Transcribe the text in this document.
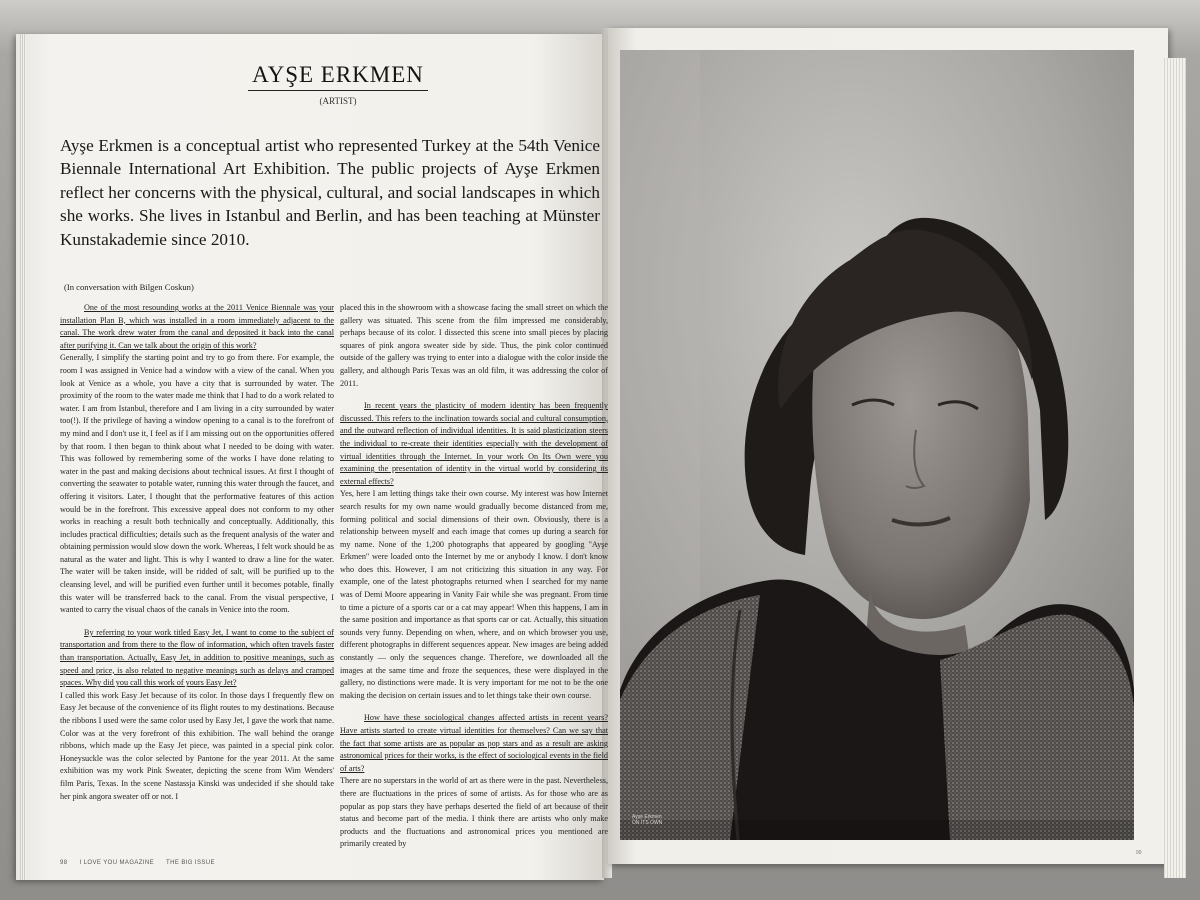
AYŞE ERKMEN
(ARTIST)
Ayşe Erkmen is a conceptual artist who represented Turkey at the 54th Venice Biennale International Art Exhibition. The public projects of Ayşe Erkmen reflect her concerns with the physical, cultural, and social landscapes in which she works. She lives in Istanbul and Berlin, and has been teaching at Münster Kunstakademie since 2010.
(In conversation with Bilgen Coskun)

One of the most resounding works at the 2011 Venice Biennale was your installation Plan B, which was installed in a room immediately adjacent to the canal. The work drew water from the canal and deposited it back into the canal after purifying it. Can we talk about the origin of this work?

Generally, I simplify the starting point and try to go from there. For example, the room I was assigned in Venice had a window with a view of the canal. When you look at Venice as a whole, you have a city that is surrounded by water. The proximity of the room to the water made me think that I had to do a work related to water. I am from Istanbul, therefore and I am living in a city surrounded by water too(!). If the privilege of having a window opening to a canal is to the forefront of my mind and I don't use it, I feel as if I am missing out on the opportunities offered by that room. I then began to think about what I needed to be doing with water. This was followed by remembering some of the works I have done relating to water in the past and making decisions about technical issues. At first I thought of converting the seawater to potable water, running this water through the faucet, and offering it visitors. Later, I thought that the performative features of this action would be in the forefront. This excessive appeal does not conform to my other works in reaching a result both technically and conceptually. Additionally, this includes practical difficulties; details such as the frequent analysis of the water and obtaining permission would slow down the work. Whereas, I felt work should be as natural as the water and light. This is why I wanted to draw a line for the water. The water will be taken inside, will be ridded of salt, will be purified up to the cleansing level, and will be purified even further until it becomes potable, finally this water will be transferred back to the canal. From the visual perspective, I wanted to carry the visual chaos of the canals in Venice into the room.

By referring to your work titled Easy Jet, I want to come to the subject of transportation and from there to the flow of information, which often travels faster than transportation. Actually, Easy Jet, in addition to positive meanings, such as speed and price, is also related to negative meanings such as delays and cramped spaces. Why did you call this work of yours Easy Jet?

I called this work Easy Jet because of its color. In those days I frequently flew on Easy Jet because of the convenience of its flight routes to my destinations. Because the ribbons I used were the same color used by Easy Jet, I gave the work that name. Color was at the very forefront of this exhibition. The wall behind the orange ribbons, which made up the Easy Jet piece, was painted in a special pink color. Honeysuckle was the color selected by Pantone for the year 2011. At the same exhibition was my work Pink Sweater, depicting the scene from Wim Wenders' film Paris, Texas. In the scene Nastassja Kinski was undecided if she should take her pink angora sweater off or not. I

placed this in the showroom with a showcase facing the small street on which the gallery was situated. This scene from the film impressed me considerably, perhaps because of its color. I dissected this scene into small pieces by placing squares of pink angora sweater side by side. Thus, the pink color continued outside of the gallery was trying to enter into a dialogue with the color inside the gallery, and although Paris Texas was an old film, it was addressing the color of 2011.

In recent years the plasticity of modern identity has been frequently discussed. This refers to the inclination towards social and cultural consumption, and the outward reflection of individual identities. It is said plasticization steers the individual to re-create their identities especially with the development of virtual identities through the Internet. In your work On Its Own were you examining the presentation of identity in the virtual world by considering its external effects?

Yes, here I am letting things take their own course. My interest was how Internet search results for my own name would gradually become distanced from me, forming political and social dimensions of their own. Obviously, there is a relationship between myself and each image that comes up during a search for my name. None of the 1,200 photographs that appeared by googling "Ayşe Erkmen" were loaded onto the Internet by me or anybody I know. I don't know who does this. However, I am not criticizing this situation in any way. For example, one of the latest photographs returned when I searched for my name was of Demi Moore appearing in Vanity Fair while she was pregnant. From time to time a picture of a sports car or a cat may appear! When this happens, I am in the same position and importance as that sports car or cat. Actually, this situation sounds very funny. Depending on when, where, and on which browser you use, different photographs in different sequences appear. New images are being added constantly — only the sequences change. Therefore, we downloaded all the images at the same time and froze the sequences, these were displayed in the gallery, no distinctions were made. It is very important for me not to be the one making the decision on certain issues and to let things take their own course.

How have these sociological changes affected artists in recent years? Have artists started to create virtual identities for themselves? Can we say that the fact that some artists are as popular as pop stars and as a result are asking astronomical prices for their works, is the effect of sociological events in the field of arts?

There are no superstars in the world of art as there were in the past. Nevertheless, there are fluctuations in the prices of some of artists. As for those who are as popular as pop stars they have perhaps deserted the field of art because of their status and become part of the media. I think there are artists who only make products and the fluctuations and astronomical prices you mentioned are primarily created by

98 I LOVE YOU MAGAZINE THE BIG ISSUE
Ayşe Erkmen
ON ITS OWN
99
